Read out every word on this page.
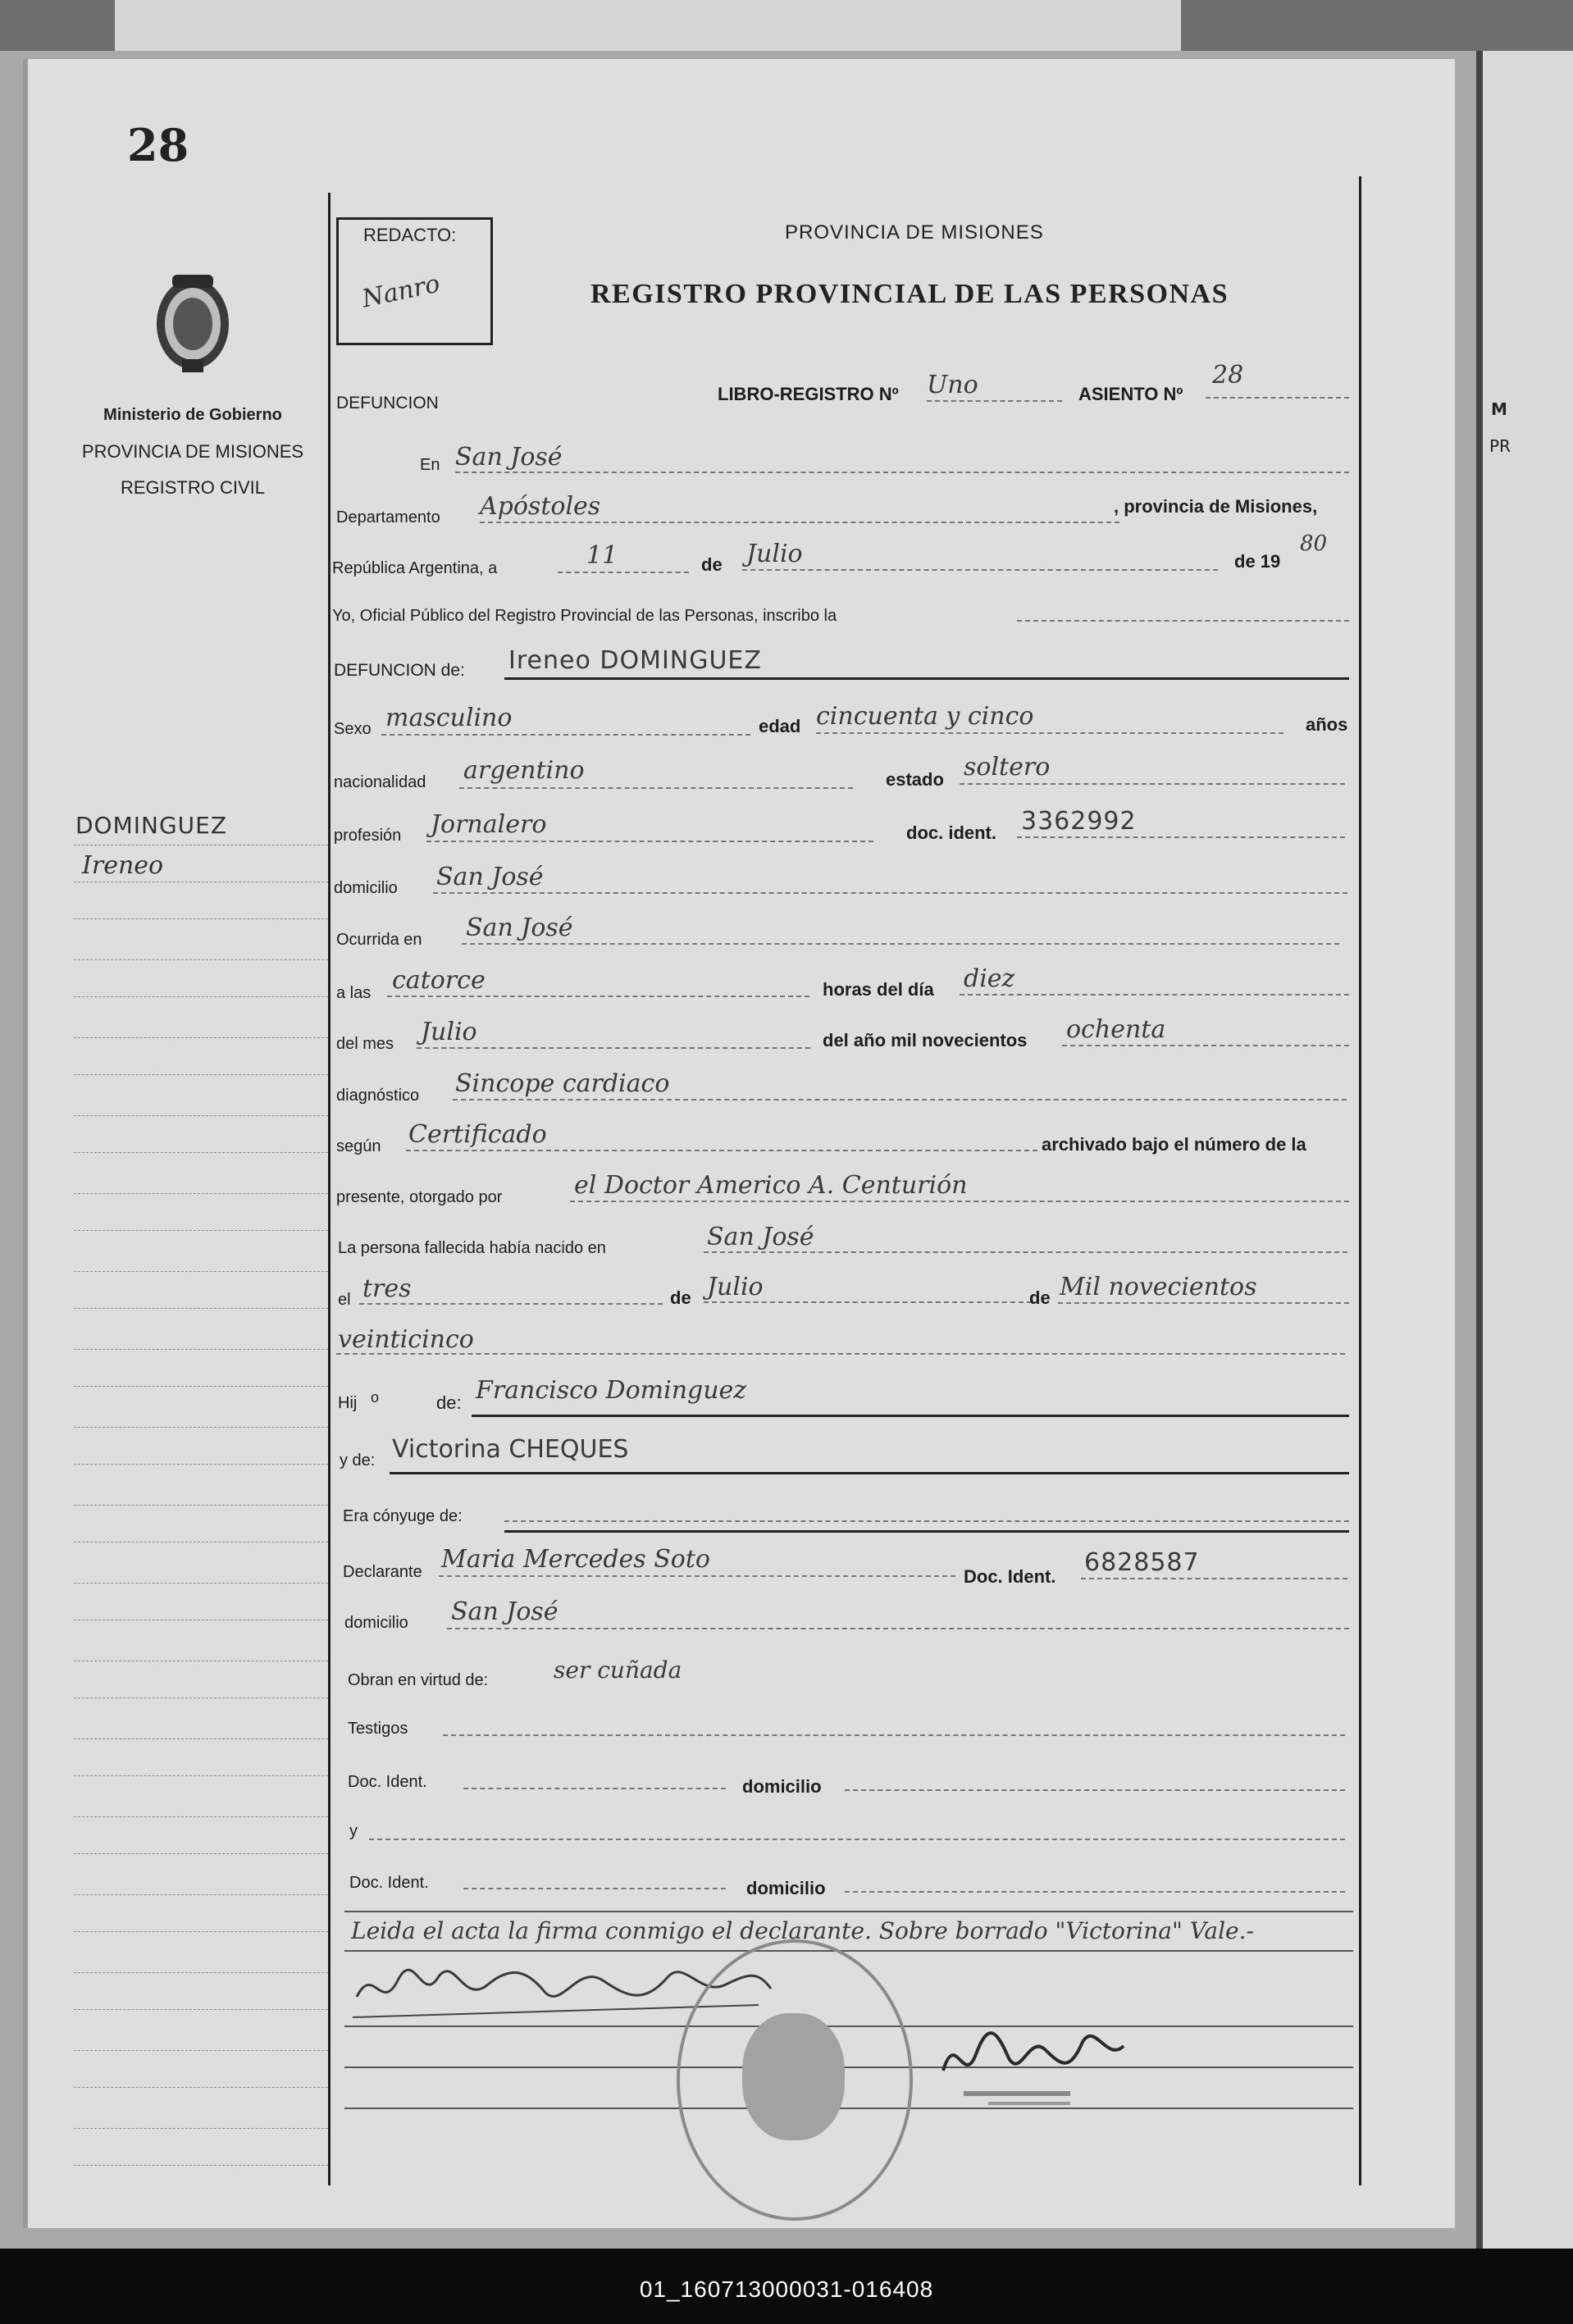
M
PR
28
Ministerio de Gobierno
PROVINCIA DE MISIONES
REGISTRO CIVIL
DOMINGUEZ
Ireneo
REDACTO:
Nanro
PROVINCIA DE MISIONES
REGISTRO PROVINCIAL DE LAS PERSONAS
DEFUNCION	LIBRO-REGISTRO Nº Uno	ASIENTO Nº
28
En San José
Departamento Apóstoles	, provincia de Misiones,
República Argentina, a	11	de Julio	de 19
80
Yo, Oficial Público del Registro Provincial de las Personas, inscribo la
DEFUNCION de: Ireneo DOMINGUEZ
Sexo masculino	edad cincuenta y cinco	años
nacionalidad argentino	estado soltero
profesión Jornalero	doc. ident. 3362992
domicilio San José
Ocurrida en San José
a las catorce	horas del día diez
del mes Julio	del año mil novecientos ochenta
diagnóstico Sincope cardiaco
según Certificado	archivado bajo el número de la
presente, otorgado por	el Doctor Americo A. Centurión
La persona fallecida había nacido en	San José
el tres	de Julio	de Mil novecientos
veinticinco
Hij o	de: Francisco Dominguez
y de: Victorina CHEQUES
Era cónyuge de:
Declarante Maria Mercedes Soto
Doc. Ident. 6828587
domicilio San José
Obran en virtud de:	ser cuñada
Testigos
Doc. Ident.	domicilio
y
Doc. Ident.	domicilio
Leida el acta la firma conmigo el declarante. Sobre borrado "Victorina" Vale.-
01_160713000031-016408
